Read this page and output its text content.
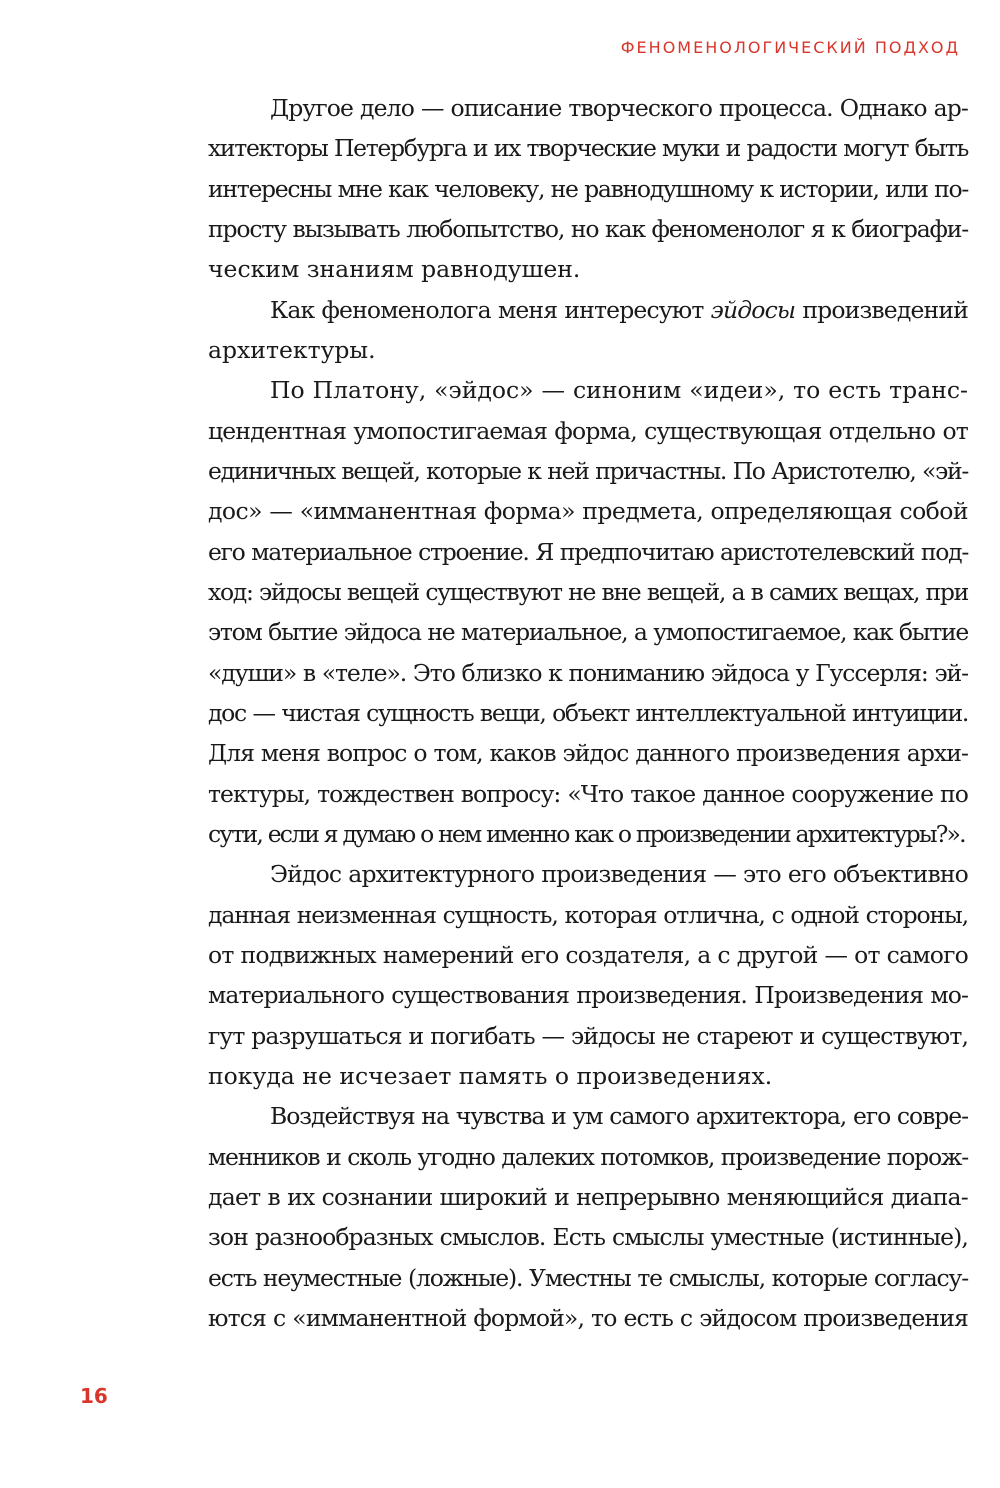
ФЕНОМЕНОЛОГИЧЕСКИЙ ПОДХОД
Другое дело — описание творческого процесса. Однако ар-
хитекторы Петербурга и их творческие муки и радости могут быть
интересны мне как человеку, не равнодушному к истории, или по-
просту вызывать любопытство, но как феноменолог я к биографи-
ческим знаниям равнодушен.
Как феноменолога меня интересуют эйдосы произведений
архитектуры.
По Платону, «эйдос» — синоним «идеи», то есть транс-
цендентная умопостигаемая форма, существующая отдельно от
единичных вещей, которые к ней причастны. По Аристотелю, «эй-
дос» — «имманентная форма» предмета, определяющая собой
его материальное строение. Я предпочитаю аристотелевский под-
ход: эйдосы вещей существуют не вне вещей, а в самих вещах, при
этом бытие эйдоса не материальное, а умопостигаемое, как бытие
«души» в «теле». Это близко к пониманию эйдоса у Гуссерля: эй-
дос — чистая сущность вещи, объект интеллектуальной интуиции.
Для меня вопрос о том, каков эйдос данного произведения архи-
тектуры, тождествен вопросу: «Что такое данное сооружение по
сути, если я думаю о нем именно как о произведении архитектуры?».
Эйдос архитектурного произведения — это его объективно
данная неизменная сущность, которая отлична, с одной стороны,
от подвижных намерений его создателя, а с другой — от самого
материального существования произведения. Произведения мо-
гут разрушаться и погибать — эйдосы не стареют и существуют,
покуда не исчезает память о произведениях.
Воздействуя на чувства и ум самого архитектора, его совре-
менников и сколь угодно далеких потомков, произведение порож-
дает в их сознании широкий и непрерывно меняющийся диапа-
зон разнообразных смыслов. Есть смыслы уместные (истинные),
есть неуместные (ложные). Уместны те смыслы, которые согласу-
ются с «имманентной формой», то есть с эйдосом произведения
16
